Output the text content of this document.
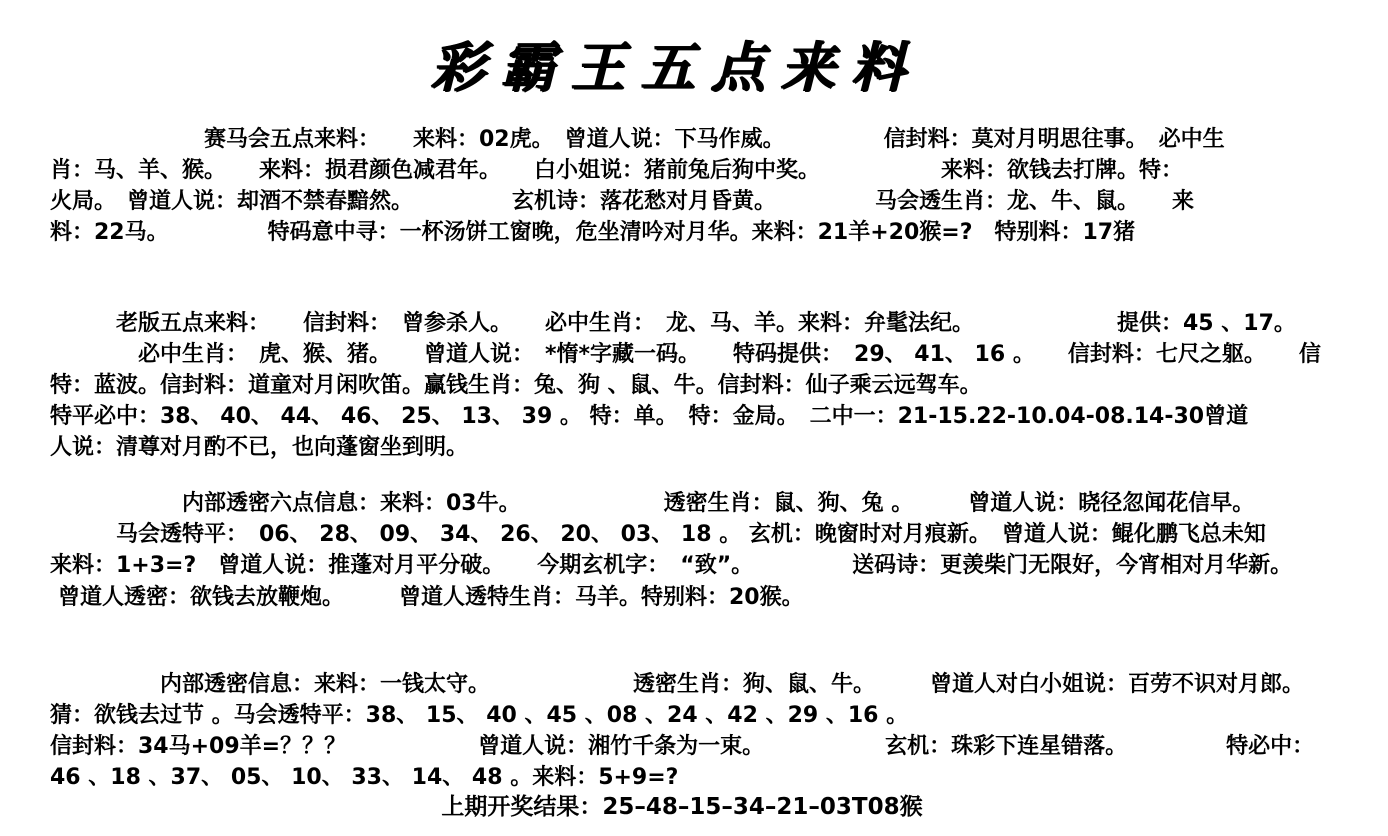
彩霸王五点来料
　　　　　　　赛马会五点来料：　　来料：02虎。　曾道人说：下马作威。　　　　　信封料：莫对月明思往事。　必中生
肖：马、羊、猴。　　来料：损君颜色减君年。　　白小姐说：猪前兔后狗中奖。　　　　　　来料：欲钱去打牌。特：
火局。　曾道人说：却酒不禁春黯然。　　　　　玄机诗：落花愁对月昏黄。　　　　　马会透生肖：龙、牛、鼠。　　来
料：22马。　　　　　特码意中寻：一杯汤饼工窗晚，危坐清吟对月华。来料：21羊+20猴=?　特别料：17猪
　　　老版五点来料：　　信封料：　曾参杀人。　　必中生肖：　龙、马、羊。来料：弁髦法纪。　　　　　　　提供：45 、17。
　　　　必中生肖：　虎、猴、猪。　　曾道人说：　*惰*字藏一码。　　特码提供：　29、 41、 16 。　　信封料：七尺之躯。　　信
特：蓝波。信封料：道童对月闲吹笛。赢钱生肖：兔、狗 、鼠、牛。信封料：仙子乘云远驾车。
特平必中：38、 40、 44、 46、 25、 13、 39 。 特：单。　特：金局。　二中一：21-15.22-10.04-08.14-30曾道
人说：清尊对月酌不已，也向蓬窗坐到明。
　　　　　　内部透密六点信息：来料：03牛。　　　　　　　透密生肖：鼠、狗、兔 。　　　曾道人说：晓径忽闻花信早。
　　　马会透特平：　06、 28、 09、 34、 26、 20、 03、 18 。 玄机：晚窗时对月痕新。　曾道人说：鲲化鹏飞总未知
来料：1+3=?　曾道人说：推蓬对月平分破。　　今期玄机字：　“致”。　　　　　送码诗：更羡柴门无限好，今宵相对月华新。
曾道人透密：欲钱去放鞭炮。　　　曾道人透特生肖：马羊。特别料：20猴。
　　　　　内部透密信息：来料：一钱太守。　　　　　　　透密生肖：狗、鼠、牛。　　　曾道人对白小姐说：百劳不识对月郎。
猜：欲钱去过节 。马会透特平：38、 15、 40 、45 、08 、24 、42 、29 、16 。
信封料：34马+09羊=？？？　　　　　　曾道人说：湘竹千条为一束。　　　　　　玄机：珠彩下连星错落。　　　　　特必中：
46 、18 、37、 05、 10、 33、 14、 48 。来料：5+9=?
上期开奖结果：25–48–15–34–21–03T08猴
